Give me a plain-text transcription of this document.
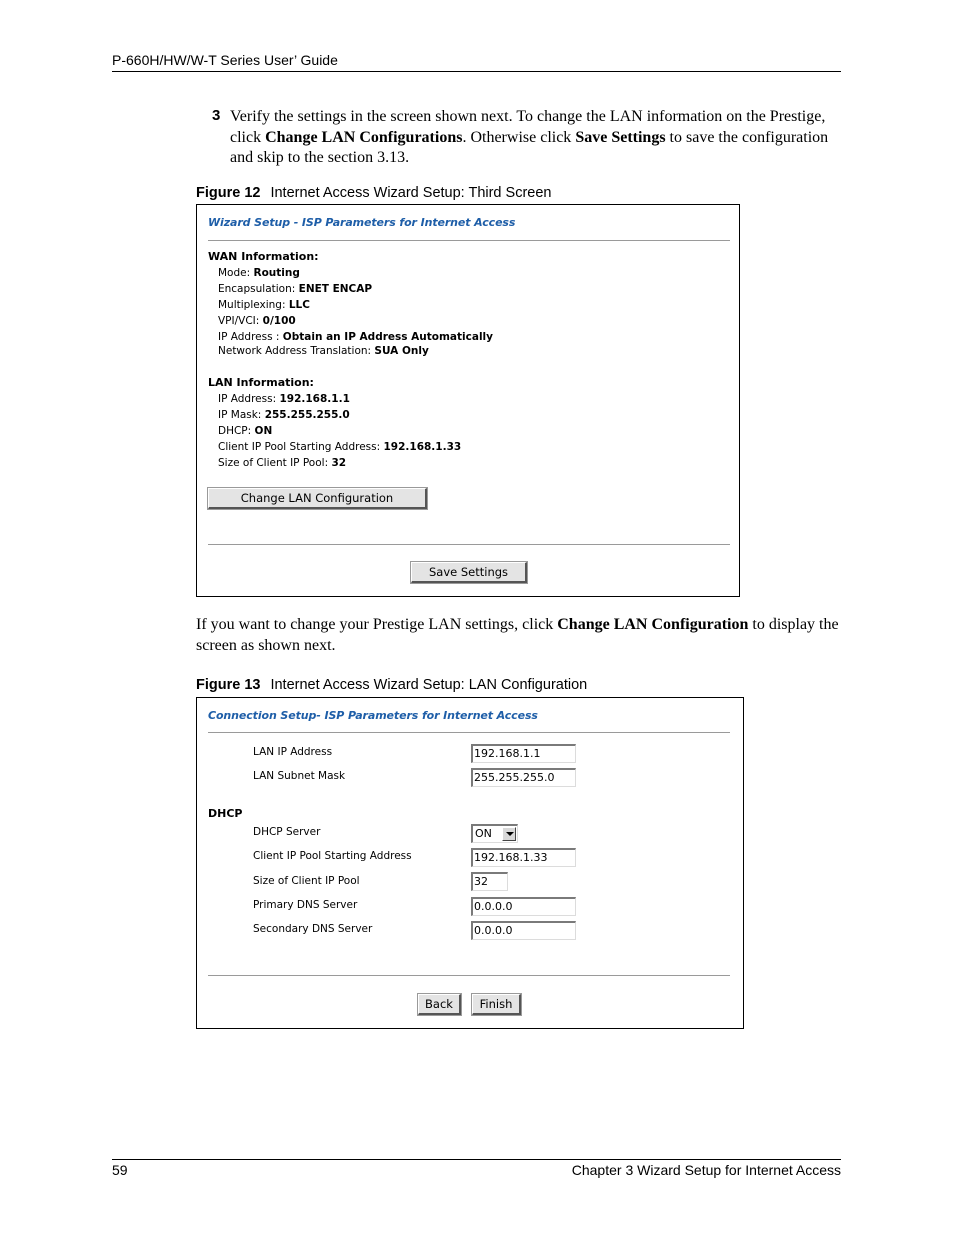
P-660H/HW/W-T Series User’ Guide
3 Verify the settings in the screen shown next. To change the LAN information on the Prestige, click Change LAN Configurations. Otherwise click Save Settings to save the configuration and skip to the section 3.13.
Figure 12 Internet Access Wizard Setup: Third Screen
Wizard Setup - ISP Parameters for Internet Access
WAN Information:
Mode: Routing
Encapsulation: ENET ENCAP
Multiplexing: LLC
VPI/VCI: 0/100
IP Address : Obtain an IP Address Automatically
Network Address Translation: SUA Only
LAN Information:
IP Address: 192.168.1.1
IP Mask: 255.255.255.0
DHCP: ON
Client IP Pool Starting Address: 192.168.1.33
Size of Client IP Pool: 32
Change LAN Configuration
Save Settings
If you want to change your Prestige LAN settings, click Change LAN Configuration to display the screen as shown next.
Figure 13 Internet Access Wizard Setup: LAN Configuration
Connection Setup- ISP Parameters for Internet Access
LAN IP Address	192.168.1.1
LAN Subnet Mask	255.255.255.0
DHCP
DHCP Server	ON
Client IP Pool Starting Address	192.168.1.33
Size of Client IP Pool	32
Primary DNS Server	0.0.0.0
Secondary DNS Server	0.0.0.0
Back	Finish
59	Chapter 3 Wizard Setup for Internet Access
